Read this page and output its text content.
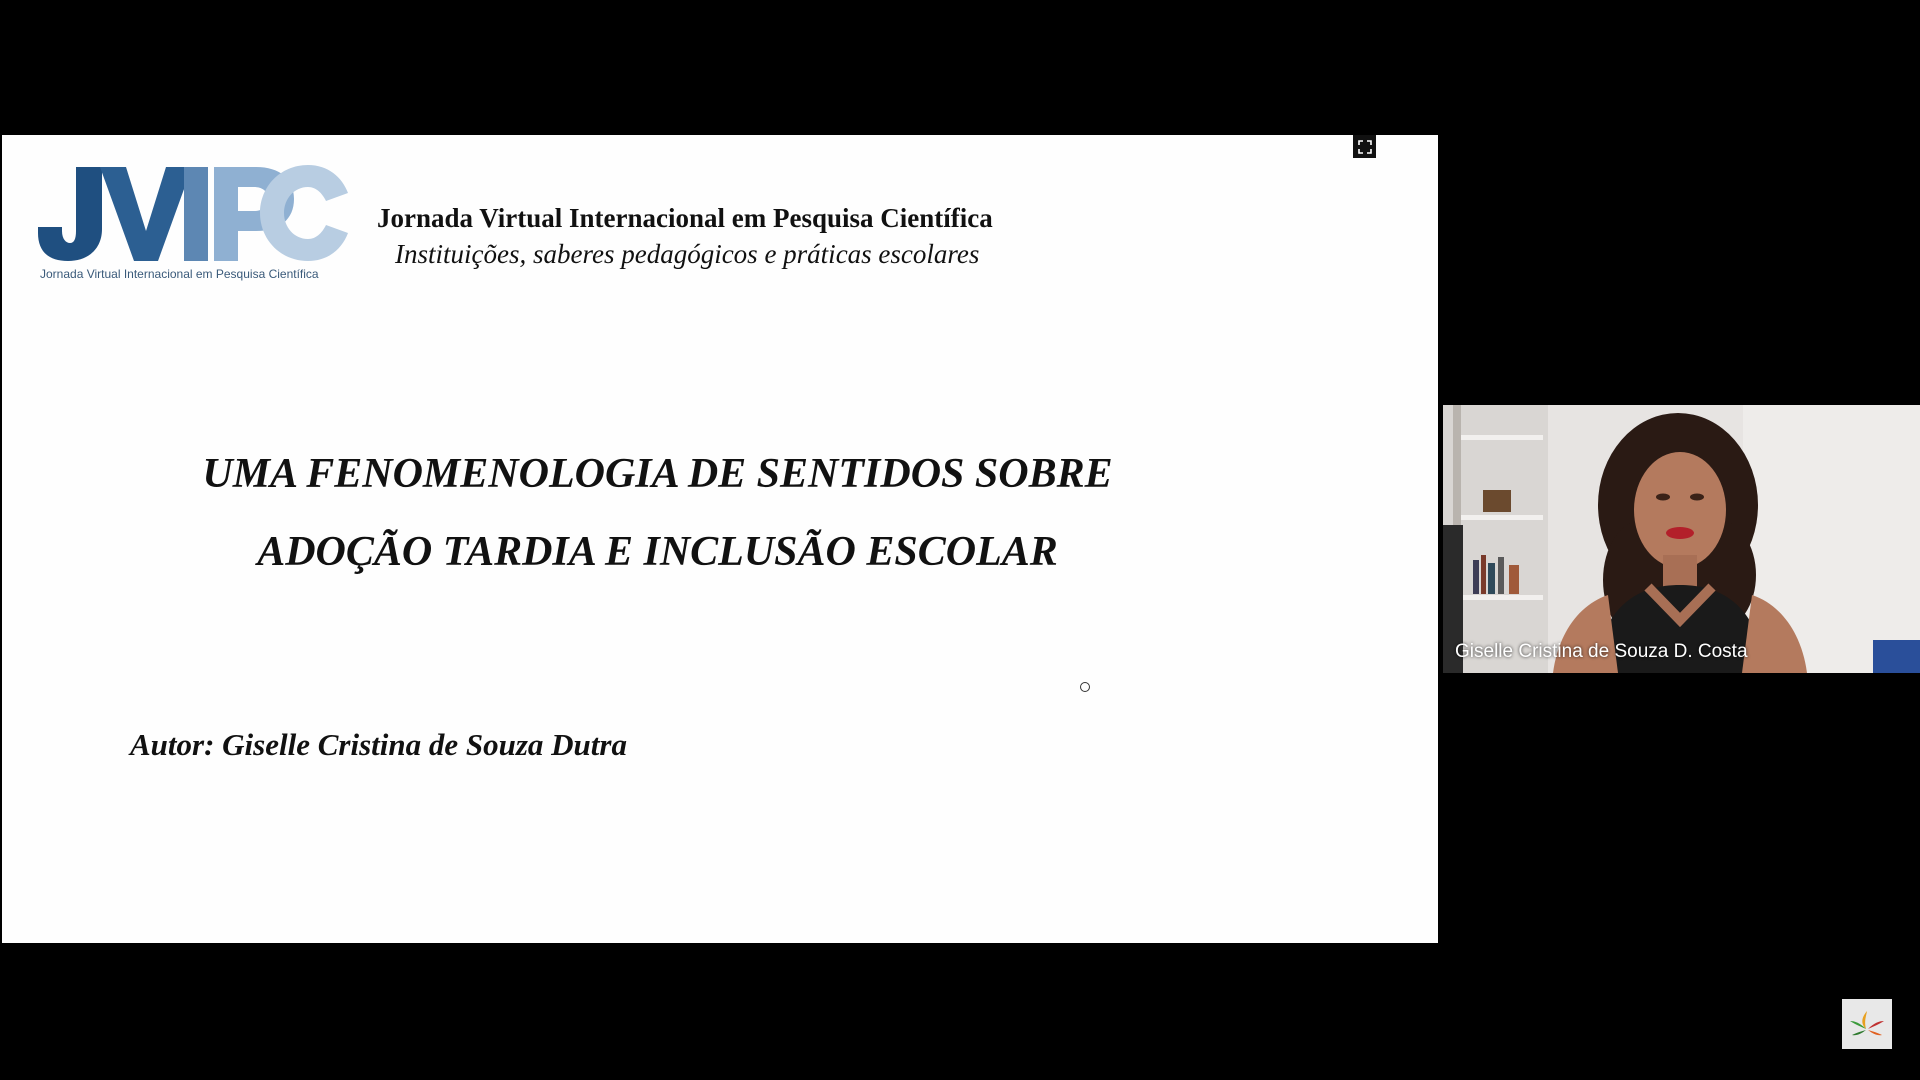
Jornada Virtual Internacional em Pesquisa Científica
Jornada Virtual Internacional em Pesquisa Científica
Instituições, saberes pedagógicos e práticas escolares
UMA FENOMENOLOGIA DE SENTIDOS SOBRE
ADOÇÃO TARDIA E INCLUSÃO ESCOLAR
Autor: Giselle Cristina de Souza Dutra
Giselle Cristina de Souza D. Costa
